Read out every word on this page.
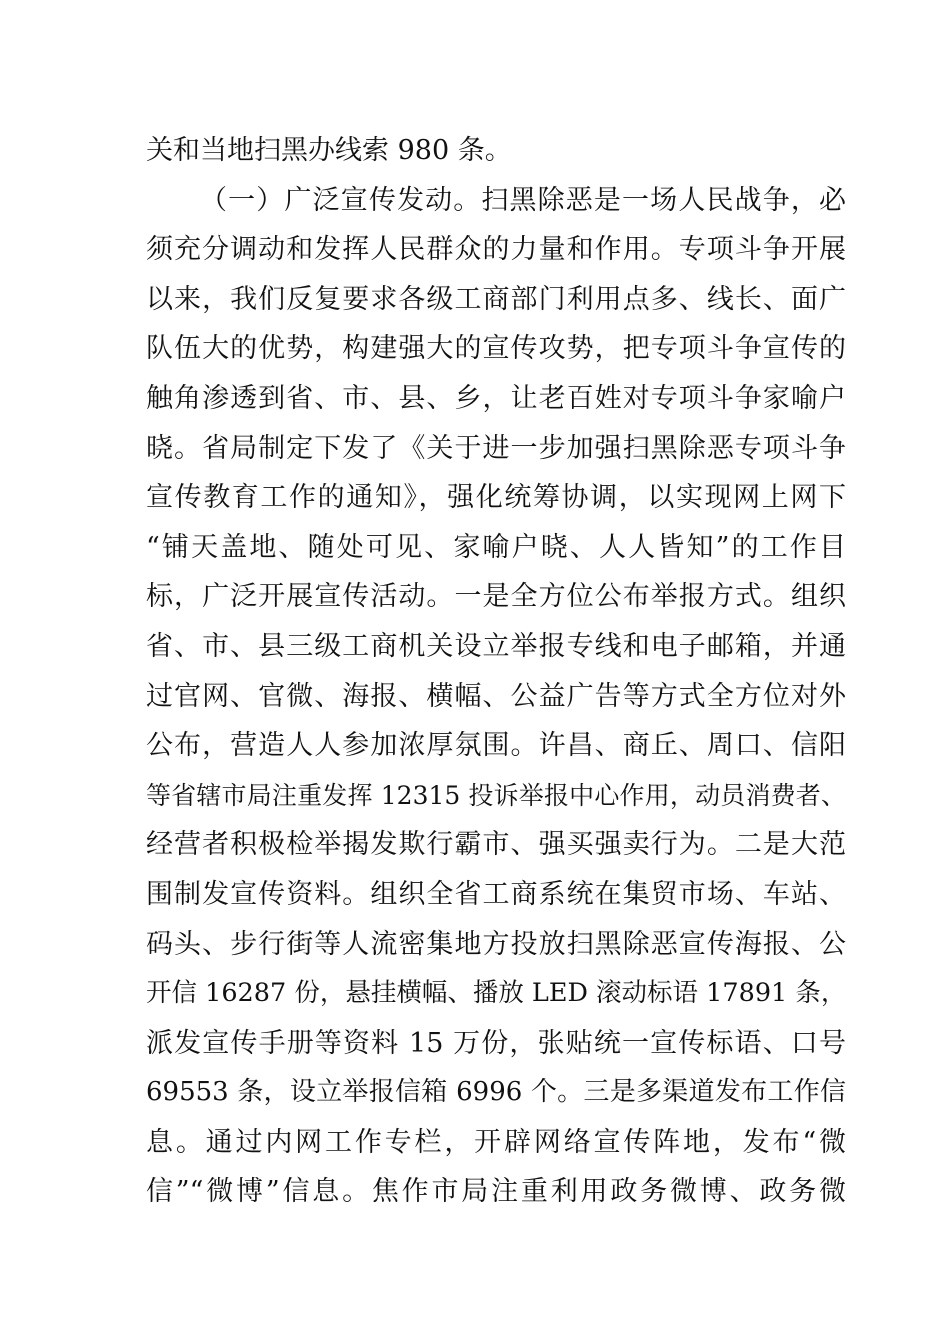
关和当地扫黑办线索 980 条。
（一）广泛宣传发动。扫黑除恶是一场人民战争，必
须充分调动和发挥人民群众的力量和作用。专项斗争开展
以来，我们反复要求各级工商部门利用点多、线长、面广
队伍大的优势，构建强大的宣传攻势，把专项斗争宣传的
触角渗透到省、市、县、乡，让老百姓对专项斗争家喻户
晓。省局制定下发了《关于进一步加强扫黑除恶专项斗争
宣传教育工作的通知》，强化统筹协调，以实现网上网下
“铺天盖地、随处可见、家喻户晓、人人皆知”的工作目
标，广泛开展宣传活动。一是全方位公布举报方式。组织
省、市、县三级工商机关设立举报专线和电子邮箱，并通
过官网、官微、海报、横幅、公益广告等方式全方位对外
公布，营造人人参加浓厚氛围。许昌、商丘、周口、信阳
等省辖市局注重发挥 12315 投诉举报中心作用，动员消费者、
经营者积极检举揭发欺行霸市、强买强卖行为。二是大范
围制发宣传资料。组织全省工商系统在集贸市场、车站、
码头、步行街等人流密集地方投放扫黑除恶宣传海报、公
开信 16287 份，悬挂横幅、播放 LED 滚动标语 17891 条，
派发宣传手册等资料 15 万份，张贴统一宣传标语、口号
69553 条，设立举报信箱 6996 个。三是多渠道发布工作信
息。通过内网工作专栏，开辟网络宣传阵地，发布“微
信”“微博”信息。焦作市局注重利用政务微博、政务微
